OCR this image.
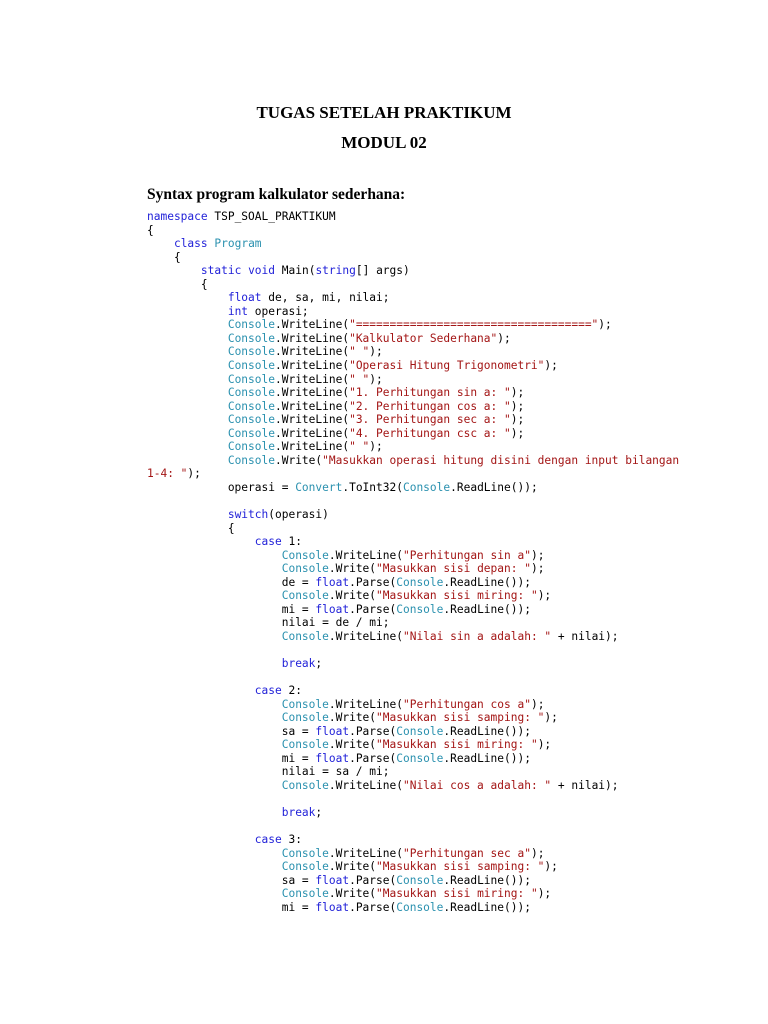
TUGAS SETELAH PRAKTIKUM
MODUL 02
Syntax program kalkulator sederhana:
namespace TSP_SOAL_PRAKTIKUM
{
class Program
{
static void Main(string[] args)
{
float de, sa, mi, nilai;
int operasi;
Console.WriteLine("===================================");
Console.WriteLine("Kalkulator Sederhana");
Console.WriteLine(" ");
Console.WriteLine("Operasi Hitung Trigonometri");
Console.WriteLine(" ");
Console.WriteLine("1. Perhitungan sin a: ");
Console.WriteLine("2. Perhitungan cos a: ");
Console.WriteLine("3. Perhitungan sec a: ");
Console.WriteLine("4. Perhitungan csc a: ");
Console.WriteLine(" ");
Console.Write("Masukkan operasi hitung disini dengan input bilangan
1-4: ");
operasi = Convert.ToInt32(Console.ReadLine());

switch(operasi)
{
case 1:
Console.WriteLine("Perhitungan sin a");
Console.Write("Masukkan sisi depan: ");
de = float.Parse(Console.ReadLine());
Console.Write("Masukkan sisi miring: ");
mi = float.Parse(Console.ReadLine());
nilai = de / mi;
Console.WriteLine("Nilai sin a adalah: " + nilai);

break;

case 2:
Console.WriteLine("Perhitungan cos a");
Console.Write("Masukkan sisi samping: ");
sa = float.Parse(Console.ReadLine());
Console.Write("Masukkan sisi miring: ");
mi = float.Parse(Console.ReadLine());
nilai = sa / mi;
Console.WriteLine("Nilai cos a adalah: " + nilai);

break;

case 3:
Console.WriteLine("Perhitungan sec a");
Console.Write("Masukkan sisi samping: ");
sa = float.Parse(Console.ReadLine());
Console.Write("Masukkan sisi miring: ");
mi = float.Parse(Console.ReadLine());
